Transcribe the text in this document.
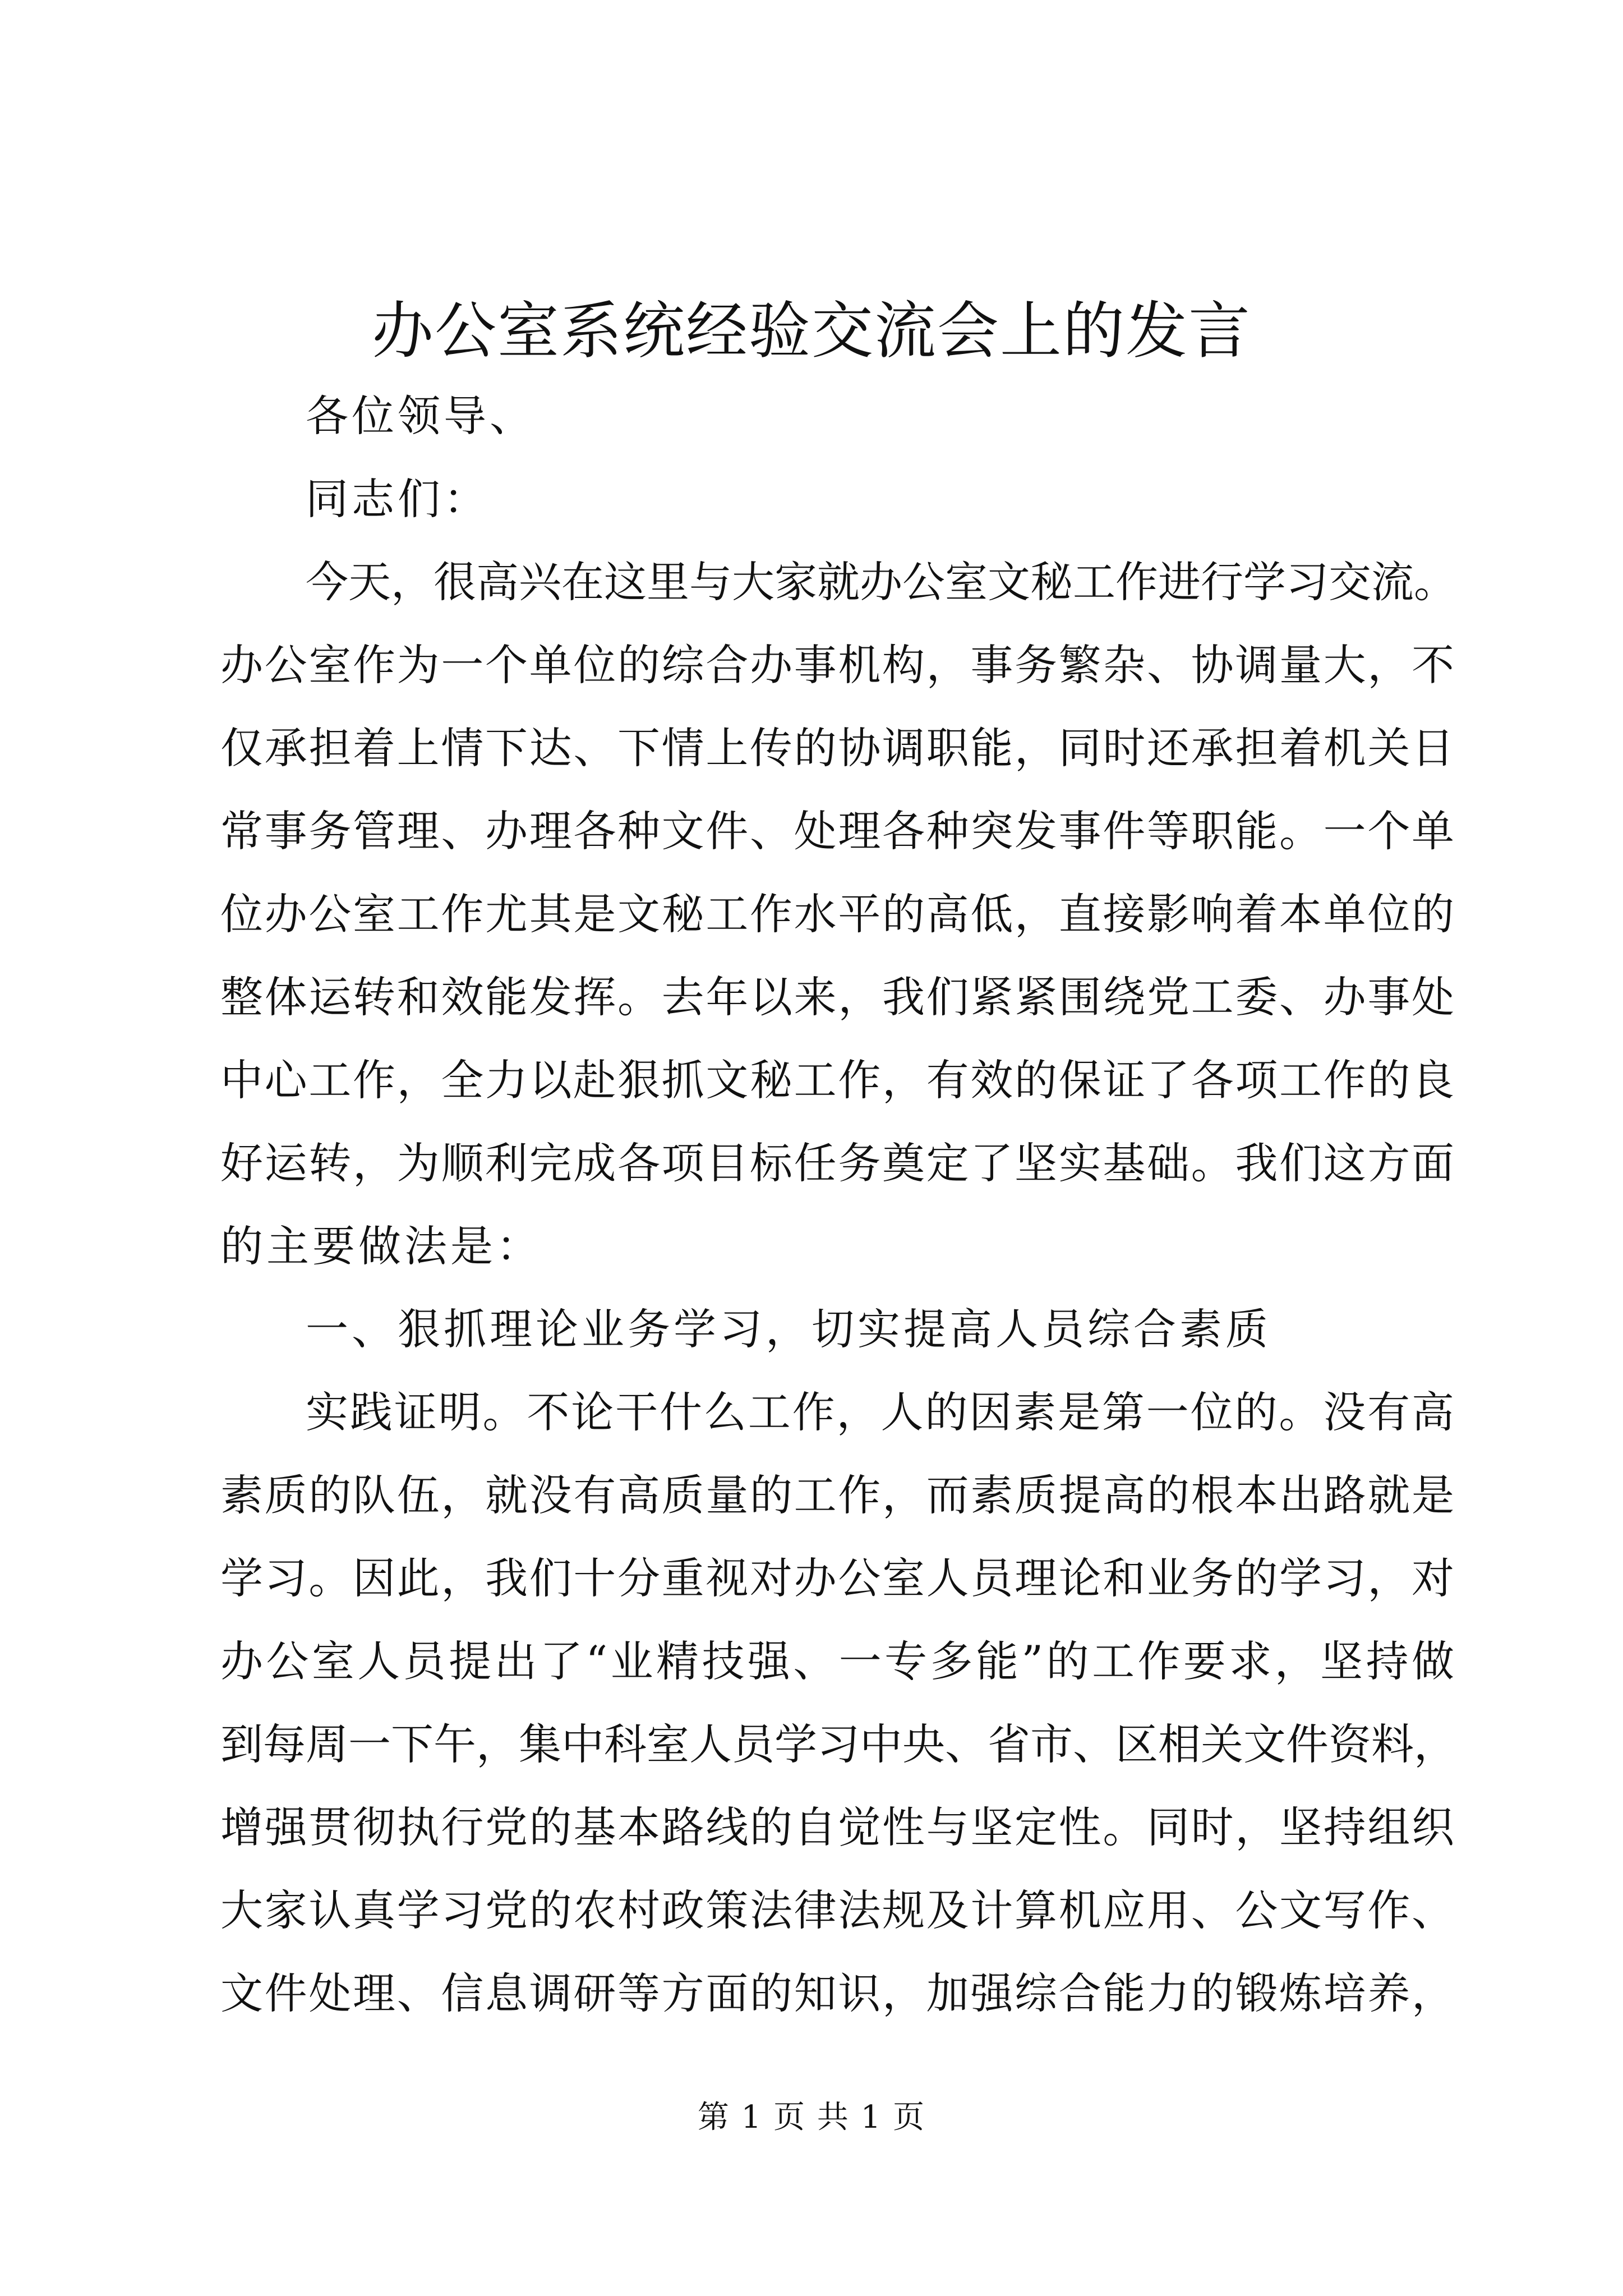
办公室系统经验交流会上的发言
各位领导、
同志们：
今天，很高兴在这里与大家就办公室文秘工作进行学习交流。
办公室作为一个单位的综合办事机构，事务繁杂、协调量大，不
仅承担着上情下达、下情上传的协调职能，同时还承担着机关日
常事务管理、办理各种文件、处理各种突发事件等职能。一个单
位办公室工作尤其是文秘工作水平的高低，直接影响着本单位的
整体运转和效能发挥。去年以来，我们紧紧围绕党工委、办事处
中心工作，全力以赴狠抓文秘工作，有效的保证了各项工作的良
好运转，为顺利完成各项目标任务奠定了坚实基础。我们这方面
的主要做法是：
一、狠抓理论业务学习，切实提高人员综合素质
实践证明。不论干什么工作，人的因素是第一位的。没有高
素质的队伍，就没有高质量的工作，而素质提高的根本出路就是
学习。因此，我们十分重视对办公室人员理论和业务的学习，对
办公室人员提出了“业精技强、一专多能”的工作要求，坚持做
到每周一下午，集中科室人员学习中央、省市、区相关文件资料，
增强贯彻执行党的基本路线的自觉性与坚定性。同时，坚持组织
大家认真学习党的农村政策法律法规及计算机应用、公文写作、
文件处理、信息调研等方面的知识，加强综合能力的锻炼培养，
第 1 页 共 1 页
